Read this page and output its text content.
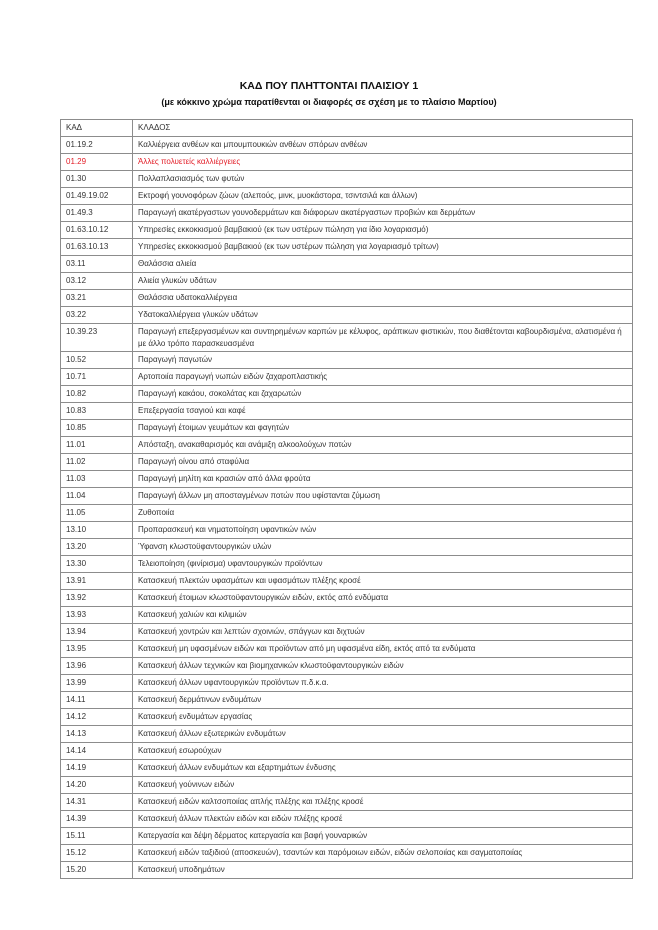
ΚΑΔ ΠΟΥ ΠΛΗΤΤΟΝΤΑΙ ΠΛΑΙΣΙΟΥ 1
(με κόκκινο χρώμα παρατίθενται οι διαφορές σε σχέση με το πλαίσιο Μαρτίου)
ΚΑΔ	ΚΛΑΔΟΣ
01.19.2	Καλλιέργεια ανθέων και μπουμπουκιών ανθέων σπόρων ανθέων
01.29	Άλλες πολυετείς καλλιέργειες
01.30	Πολλαπλασιασμός των φυτών
01.49.19.02	Εκτροφή γουνοφόρων ζώων (αλεπούς, μινκ, μυοκάστορα, τσιντσιλά και άλλων)
01.49.3	Παραγωγή ακατέργαστων γουνοδερμάτων και διάφορων ακατέργαστων προβιών και δερμάτων
01.63.10.12	Υπηρεσίες εκκοκκισμού βαμβακιού (εκ των υστέρων πώληση για ίδιο λογαριασμό)
01.63.10.13	Υπηρεσίες εκκοκκισμού βαμβακιού (εκ των υστέρων πώληση για λογαριασμό τρίτων)
03.11	Θαλάσσια αλιεία
03.12	Αλιεία γλυκών υδάτων
03.21	Θαλάσσια υδατοκαλλιέργεια
03.22	Υδατοκαλλιέργεια γλυκών υδάτων
10.39.23	Παραγωγή επεξεργασμένων και συντηρημένων καρπών με κέλυφος, αράπικων φιστικιών, που διαθέτονται καβουρδισμένα, αλατισμένα ή με άλλο τρόπο παρασκευασμένα
10.52	Παραγωγή παγωτών
10.71	Αρτοποιία παραγωγή νωπών ειδών ζαχαροπλαστικής
10.82	Παραγωγή κακάου, σοκολάτας και ζαχαρωτών
10.83	Επεξεργασία τσαγιού και καφέ
10.85	Παραγωγή έτοιμων γευμάτων και φαγητών
11.01	Απόσταξη, ανακαθαρισμός και ανάμιξη αλκοολούχων ποτών
11.02	Παραγωγή οίνου από σταφύλια
11.03	Παραγωγή μηλίτη και κρασιών από άλλα φρούτα
11.04	Παραγωγή άλλων μη αποσταγμένων ποτών που υφίστανται ζύμωση
11.05	Ζυθοποιία
13.10	Προπαρασκευή και νηματοποίηση υφαντικών ινών
13.20	Ύφανση κλωστοϋφαντουργικών υλών
13.30	Τελειοποίηση (φινίρισμα) υφαντουργικών προϊόντων
13.91	Κατασκευή πλεκτών υφασμάτων και υφασμάτων πλέξης κροσέ
13.92	Κατασκευή έτοιμων κλωστοϋφαντουργικών ειδών, εκτός από ενδύματα
13.93	Κατασκευή χαλιών και κιλιμιών
13.94	Κατασκευή χοντρών και λεπτών σχοινιών, σπάγγων και διχτυών
13.95	Κατασκευή μη υφασμένων ειδών και προϊόντων από μη υφασμένα είδη, εκτός από τα ενδύματα
13.96	Κατασκευή άλλων τεχνικών και βιομηχανικών κλωστοϋφαντουργικών ειδών
13.99	Κατασκευή άλλων υφαντουργικών προϊόντων π.δ.κ.α.
14.11	Κατασκευή δερμάτινων ενδυμάτων
14.12	Κατασκευή ενδυμάτων εργασίας
14.13	Κατασκευή άλλων εξωτερικών ενδυμάτων
14.14	Κατασκευή εσωρούχων
14.19	Κατασκευή άλλων ενδυμάτων και εξαρτημάτων ένδυσης
14.20	Κατασκευή γούνινων ειδών
14.31	Κατασκευή ειδών καλτσοποιίας απλής πλέξης και πλέξης κροσέ
14.39	Κατασκευή άλλων πλεκτών ειδών και ειδών πλέξης κροσέ
15.11	Κατεργασία και δέψη δέρματος κατεργασία και βαφή γουναρικών
15.12	Κατασκευή ειδών ταξιδιού (αποσκευών), τσαντών και παρόμοιων ειδών, ειδών σελοποιίας και σαγματοποιίας
15.20	Κατασκευή υποδημάτων
